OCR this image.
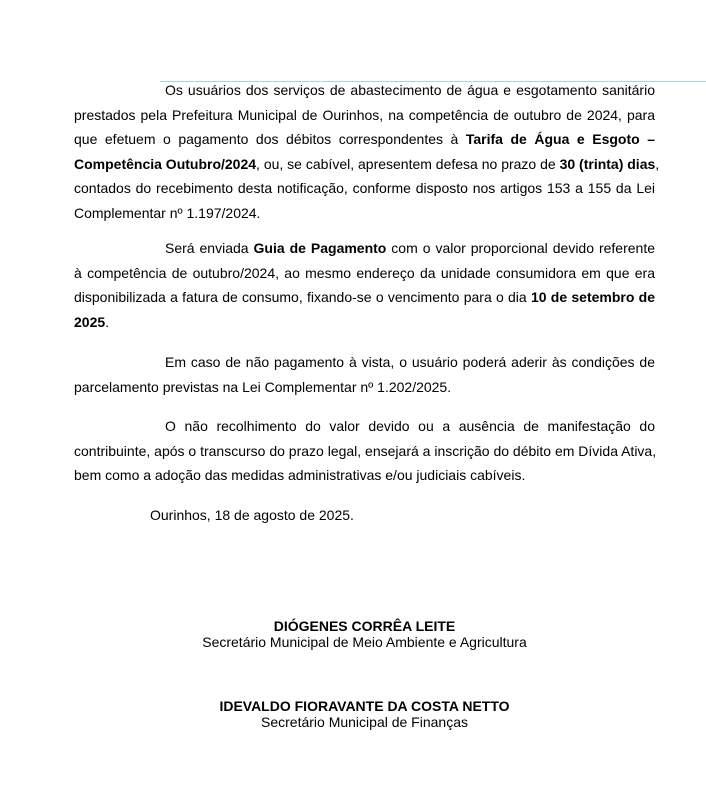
Os usuários dos serviços de abastecimento de água e esgotamento sanitário
prestados pela Prefeitura Municipal de Ourinhos, na competência de outubro de 2024, para
que efetuem o pagamento dos débitos correspondentes à Tarifa de Água e Esgoto –
Competência Outubro/2024, ou, se cabível, apresentem defesa no prazo de 30 (trinta) dias,
contados do recebimento desta notificação, conforme disposto nos artigos 153 a 155 da Lei
Complementar nº 1.197/2024.
Será enviada Guia de Pagamento com o valor proporcional devido referente
à competência de outubro/2024, ao mesmo endereço da unidade consumidora em que era
disponibilizada a fatura de consumo, fixando-se o vencimento para o dia 10 de setembro de
2025.
Em caso de não pagamento à vista, o usuário poderá aderir às condições de
parcelamento previstas na Lei Complementar nº 1.202/2025.
O não recolhimento do valor devido ou a ausência de manifestação do
contribuinte, após o transcurso do prazo legal, ensejará a inscrição do débito em Dívida Ativa,
bem como a adoção das medidas administrativas e/ou judiciais cabíveis.
Ourinhos, 18 de agosto de 2025.
DIÓGENES CORRÊA LEITE
Secretário Municipal de Meio Ambiente e Agricultura
IDEVALDO FIORAVANTE DA COSTA NETTO
Secretário Municipal de Finanças
